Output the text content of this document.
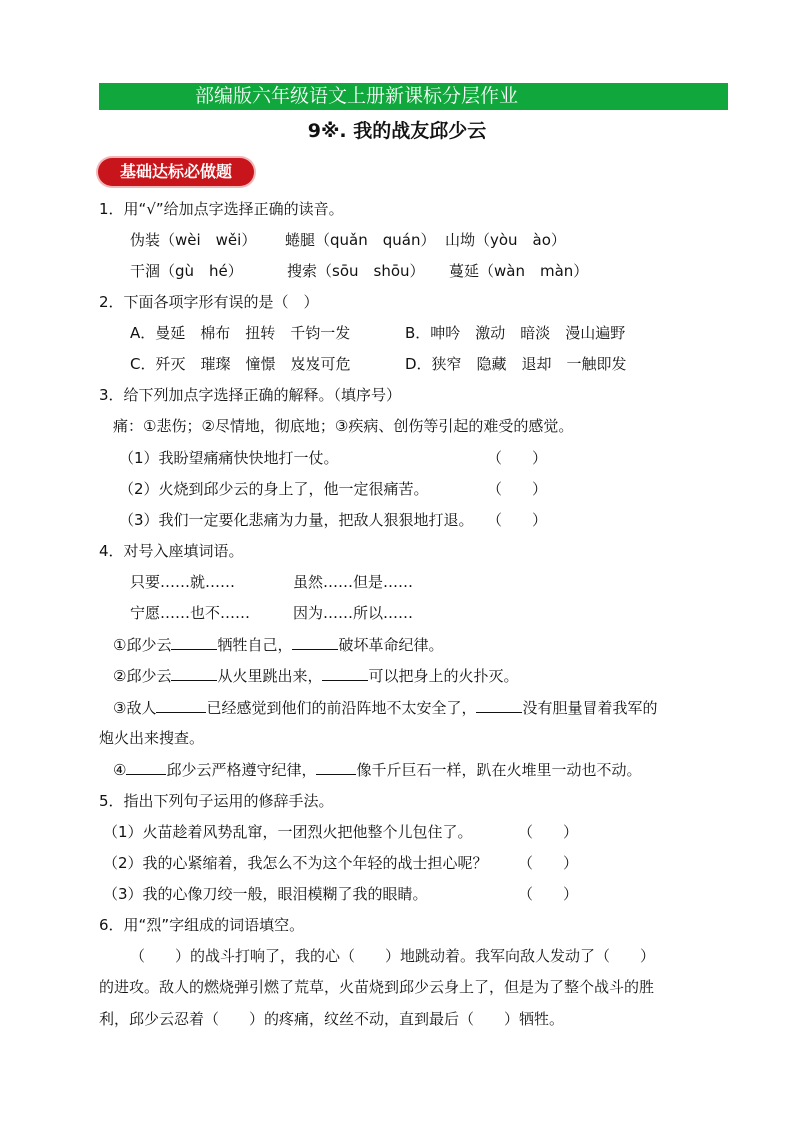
部编版六年级语文上册新课标分层作业
9※. 我的战友邱少云
基础达标必做题
1．用“√”给加点字选择正确的读音。
伪装（wèi　wěi） 蜷腿（quǎn　quán） 山坳（yòu　ào）
干涸（gù　hé）	搜索（sōu　shōu） 蔓延（wàn　màn）
2．下面各项字形有误的是（　）
A．曼延　棉布　扭转　千钧一发	B．呻吟　激动　暗淡　漫山遍野
C．歼灭　璀璨　憧憬　岌岌可危	D．狭窄　隐藏　退却　一触即发
3．给下列加点字选择正确的解释。（填序号）
痛：①悲伤；②尽情地，彻底地；③疾病、创伤等引起的难受的感觉。
（1）我盼望痛痛快快地打一仗。	（　　）
（2）火烧到邱少云的身上了，他一定很痛苦。	（　　）
（3）我们一定要化悲痛为力量，把敌人狠狠地打退。 （　　）
4．对号入座填词语。
只要……就……	虽然……但是……
宁愿……也不……	因为……所以……
①邱少云	牺牲自己，	破坏革命纪律。
②邱少云	从火里跳出来，	可以把身上的火扑灭。
③敌人	已经感觉到他们的前沿阵地不太安全了，	没有胆量冒着我军的
炮火出来搜查。
④	邱少云严格遵守纪律，	像千斤巨石一样，趴在火堆里一动也不动。
5．指出下列句子运用的修辞手法。
（1）火苗趁着风势乱窜，一团烈火把他整个儿包住了。	（　　）
（2）我的心紧缩着，我怎么不为这个年轻的战士担心呢？ （　　）
（3）我的心像刀绞一般，眼泪模糊了我的眼睛。	（　　）
6．用“烈”字组成的词语填空。
（　　）的战斗打响了，我的心（　　）地跳动着。我军向敌人发动了（　　）
的进攻。敌人的燃烧弹引燃了荒草，火苗烧到邱少云身上了，但是为了整个战斗的胜
利，邱少云忍着（　　）的疼痛，纹丝不动，直到最后（　　）牺牲。
